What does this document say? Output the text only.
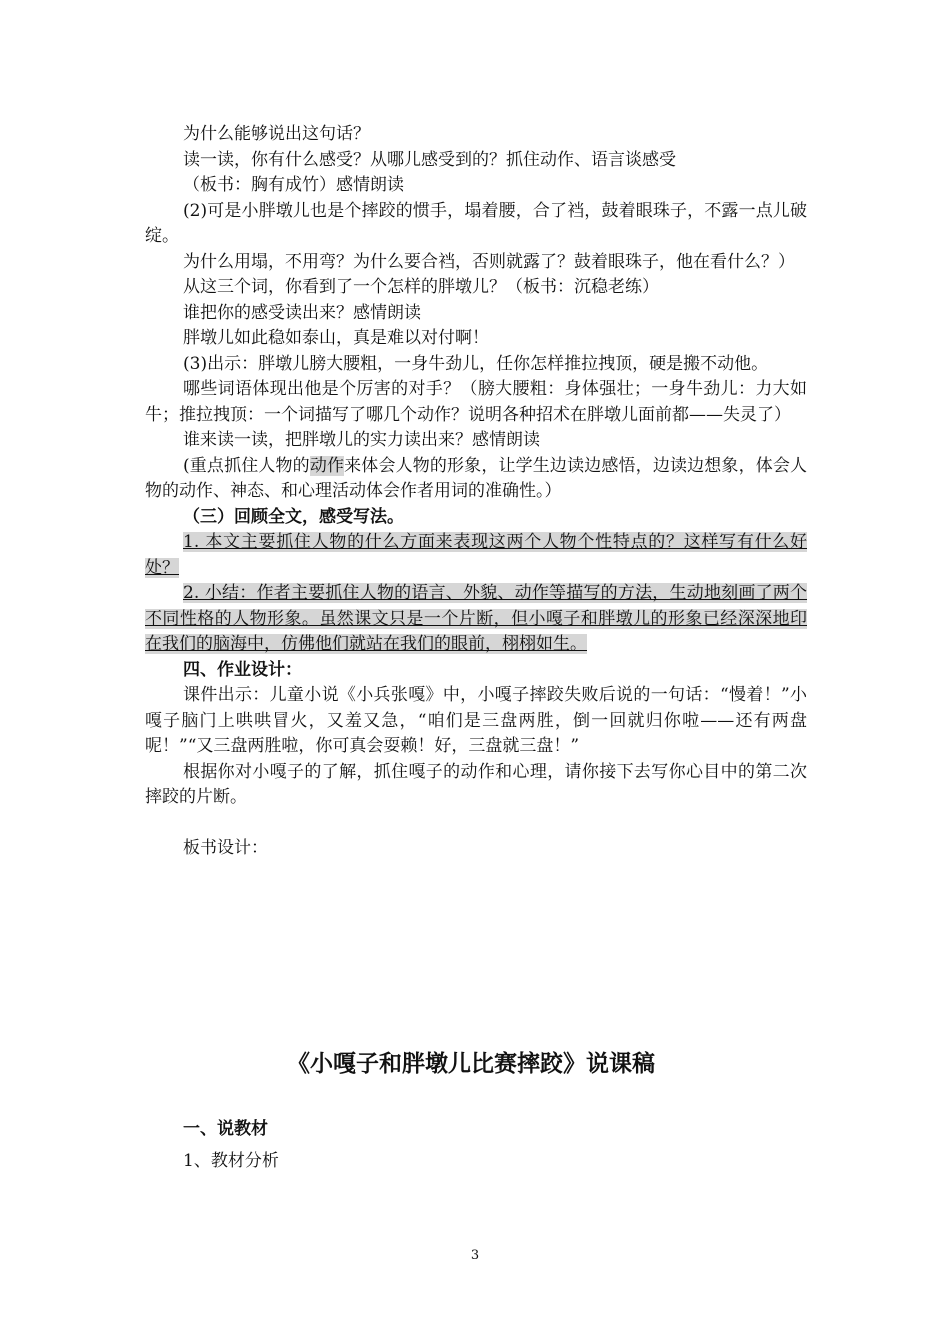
为什么能够说出这句话？

读一读，你有什么感受？从哪儿感受到的？抓住动作、语言谈感受

（板书：胸有成竹）感情朗读

(2)可是小胖墩儿也是个摔跤的惯手，塌着腰，合了裆，鼓着眼珠子，不露一点儿破绽。

为什么用塌，不用弯？为什么要合裆，否则就露了？鼓着眼珠子，他在看什么？）

从这三个词，你看到了一个怎样的胖墩儿？（板书：沉稳老练）

谁把你的感受读出来？感情朗读

胖墩儿如此稳如泰山，真是难以对付啊！

(3)出示：胖墩儿膀大腰粗，一身牛劲儿，任你怎样推拉拽顶，硬是搬不动他。

哪些词语体现出他是个厉害的对手？（膀大腰粗：身体强壮；一身牛劲儿：力大如牛；推拉拽顶：一个词描写了哪几个动作？说明各种招术在胖墩儿面前都——失灵了）

谁来读一读，把胖墩儿的实力读出来？感情朗读

(重点抓住人物的动作来体会人物的形象，让学生边读边感悟，边读边想象，体会人物的动作、神态、和心理活动体会作者用词的准确性。）

（三）回顾全文，感受写法。

1. 本文主要抓住人物的什么方面来表现这两个人物个性特点的？这样写有什么好处？

2. 小结：作者主要抓住人物的语言、外貌、动作等描写的方法，生动地刻画了两个不同性格的人物形象。虽然课文只是一个片断，但小嘎子和胖墩儿的形象已经深深地印在我们的脑海中，仿佛他们就站在我们的眼前，栩栩如生。

四、作业设计：

课件出示：儿童小说《小兵张嘎》中，小嘎子摔跤失败后说的一句话：“慢着！”小嘎子脑门上哄哄冒火，又羞又急，“咱们是三盘两胜，倒一回就归你啦——还有两盘呢！”“又三盘两胜啦，你可真会耍赖！好，三盘就三盘！”

根据你对小嘎子的了解，抓住嘎子的动作和心理，请你接下去写你心目中的第二次摔跤的片断。

板书设计：

《小嘎子和胖墩儿比赛摔跤》说课稿

一、说教材

1、教材分析

3
